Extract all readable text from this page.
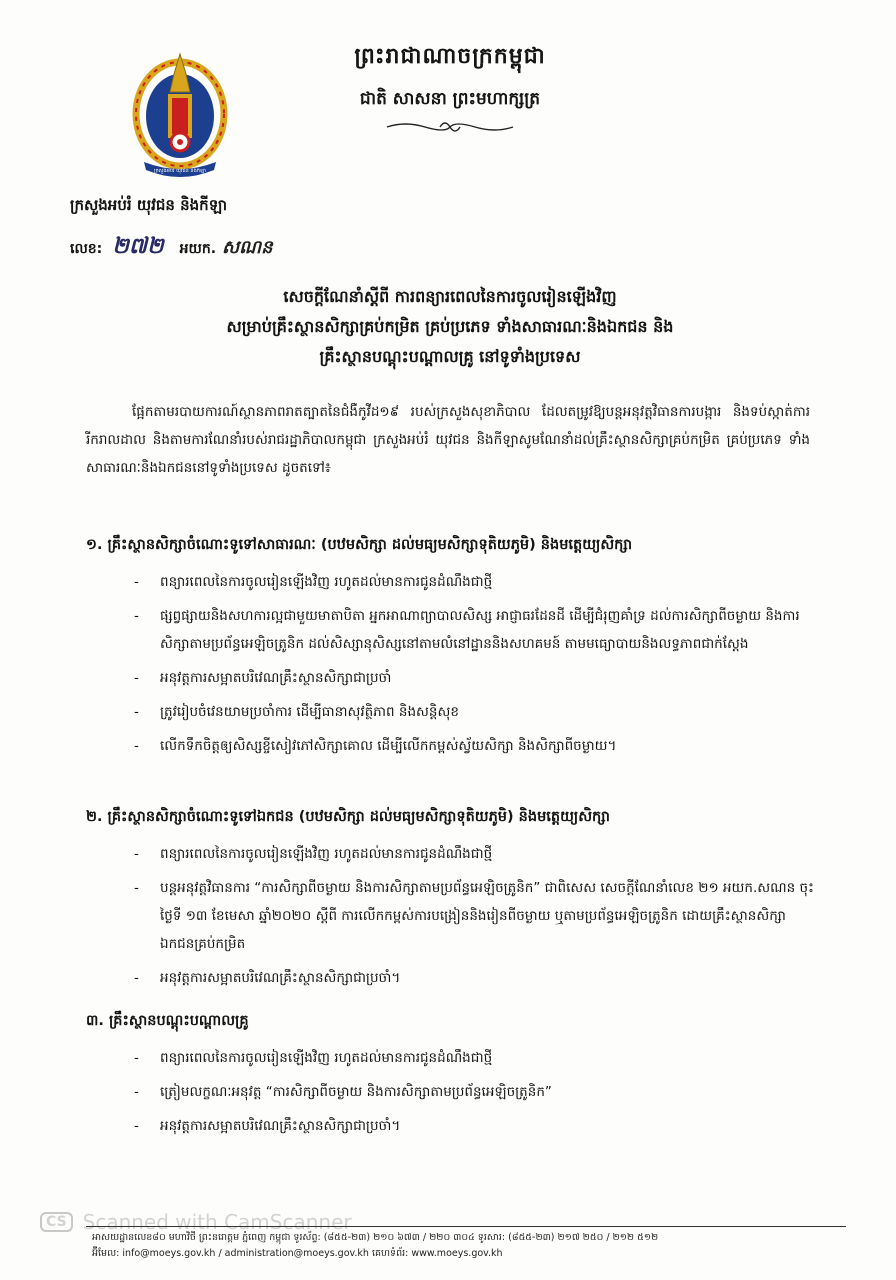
ក្រសួងអប់រំ យុវជន និងកីឡា
ព្រះរាជាណាចក្រកម្ពុជា
ជាតិ សាសនា ព្រះមហាក្សត្រ
ក្រសួងអប់រំ យុវជន និងកីឡា
លេខ: ២៧២ អយក. សណន
សេចក្តីណែនាំស្តីពី ការពន្យារពេលនៃការចូលរៀនឡើងវិញ
សម្រាប់គ្រឹះស្ថានសិក្សាគ្រប់កម្រិត គ្រប់ប្រភេទ ទាំងសាធារណៈនិងឯកជន និង
គ្រឹះស្ថានបណ្តុះបណ្តាលគ្រូ នៅទូទាំងប្រទេស
ផ្អែកតាមរបាយការណ៍ស្ថានភាពរាតត្បាតនៃជំងឺកូវីដ១៩ របស់ក្រសួងសុខាភិបាល ដែលតម្រូវឱ្យបន្តអនុវត្តវិធានការបង្ការ និងទប់ស្កាត់ការរីករាលដាល និងតាមការណែនាំរបស់រាជរដ្ឋាភិបាលកម្ពុជា ក្រសួងអប់រំ យុវជន និងកីឡាសូមណែនាំដល់គ្រឹះស្ថានសិក្សាគ្រប់កម្រិត គ្រប់ប្រភេទ ទាំងសាធារណៈនិងឯកជននៅទូទាំងប្រទេស ដូចតទៅ៖
១. គ្រឹះស្ថានសិក្សាចំណោះទូទៅសាធារណៈ (បឋមសិក្សា ដល់មធ្យមសិក្សាទុតិយភូមិ) និងមត្តេយ្យសិក្សា
- ពន្យារពេលនៃការចូលរៀនឡើងវិញ រហូតដល់មានការជូនដំណឹងជាថ្មី
- ផ្សព្វផ្សាយនិងសហការល្អជាមួយមាតាបិតា អ្នកអាណាព្យាបាលសិស្ស អាជ្ញាធរដែនដី ដើម្បីជំរុញគាំទ្រ ដល់ការសិក្សាពីចម្ងាយ និងការសិក្សាតាមប្រព័ន្ធអេឡិចត្រូនិក ដល់សិស្សានុសិស្សនៅតាមលំនៅដ្ឋាននិងសហគមន៍ តាមមធ្យោបាយនិងលទ្ធភាពជាក់ស្តែង
- អនុវត្តការសម្អាតបរិវេណគ្រឹះស្ថានសិក្សាជាប្រចាំ
- ត្រូវរៀបចំវេនយាមប្រចាំការ ដើម្បីធានាសុវត្ថិភាព និងសន្តិសុខ
- លើកទឹកចិត្តឲ្យសិស្សខ្ចីសៀវភៅសិក្សាគោល ដើម្បីលើកកម្ពស់ស្វ័យសិក្សា និងសិក្សាពីចម្ងាយ។
២. គ្រឹះស្ថានសិក្សាចំណោះទូទៅឯកជន (បឋមសិក្សា ដល់មធ្យមសិក្សាទុតិយភូមិ) និងមត្តេយ្យសិក្សា
- ពន្យារពេលនៃការចូលរៀនឡើងវិញ រហូតដល់មានការជូនដំណឹងជាថ្មី
- បន្តអនុវត្តវិធានការ “ការសិក្សាពីចម្ងាយ និងការសិក្សាតាមប្រព័ន្ធអេឡិចត្រូនិក” ជាពិសេស សេចក្តីណែនាំលេខ ២១ អយក.សណន ចុះថ្ងៃទី ១៣ ខែមេសា ឆ្នាំ២០២០ ស្តីពី ការលើកកម្ពស់ការបង្រៀននិងរៀនពីចម្ងាយ ឬតាមប្រព័ន្ធអេឡិចត្រូនិក ដោយគ្រឹះស្ថានសិក្សាឯកជនគ្រប់កម្រិត
- អនុវត្តការសម្អាតបរិវេណគ្រឹះស្ថានសិក្សាជាប្រចាំ។
៣. គ្រឹះស្ថានបណ្តុះបណ្តាលគ្រូ
- ពន្យារពេលនៃការចូលរៀនឡើងវិញ រហូតដល់មានការជូនដំណឹងជាថ្មី
- ត្រៀមលក្ខណៈអនុវត្ត “ការសិក្សាពីចម្ងាយ និងការសិក្សាតាមប្រព័ន្ធអេឡិចត្រូនិក”
- អនុវត្តការសម្អាតបរិវេណគ្រឹះស្ថានសិក្សាជាប្រចាំ។
CS Scanned with CamScanner
អាសយដ្ឋានលេខ៨០ មហាវិថី ព្រះនរោត្តម ភ្នំពេញ កម្ពុជា ទូរស័ព្ទ: (៨៥៥-២៣) ២១០ ៦៧៣ / ២២០ ៣០៤ ទូរសារ: (៨៥៥-២៣) ២១៧ ២៥០ / ២១២ ៥១២
អ៊ីមែល: info@moeys.gov.kh / administration@moeys.gov.kh គេហទំព័រ: www.moeys.gov.kh
